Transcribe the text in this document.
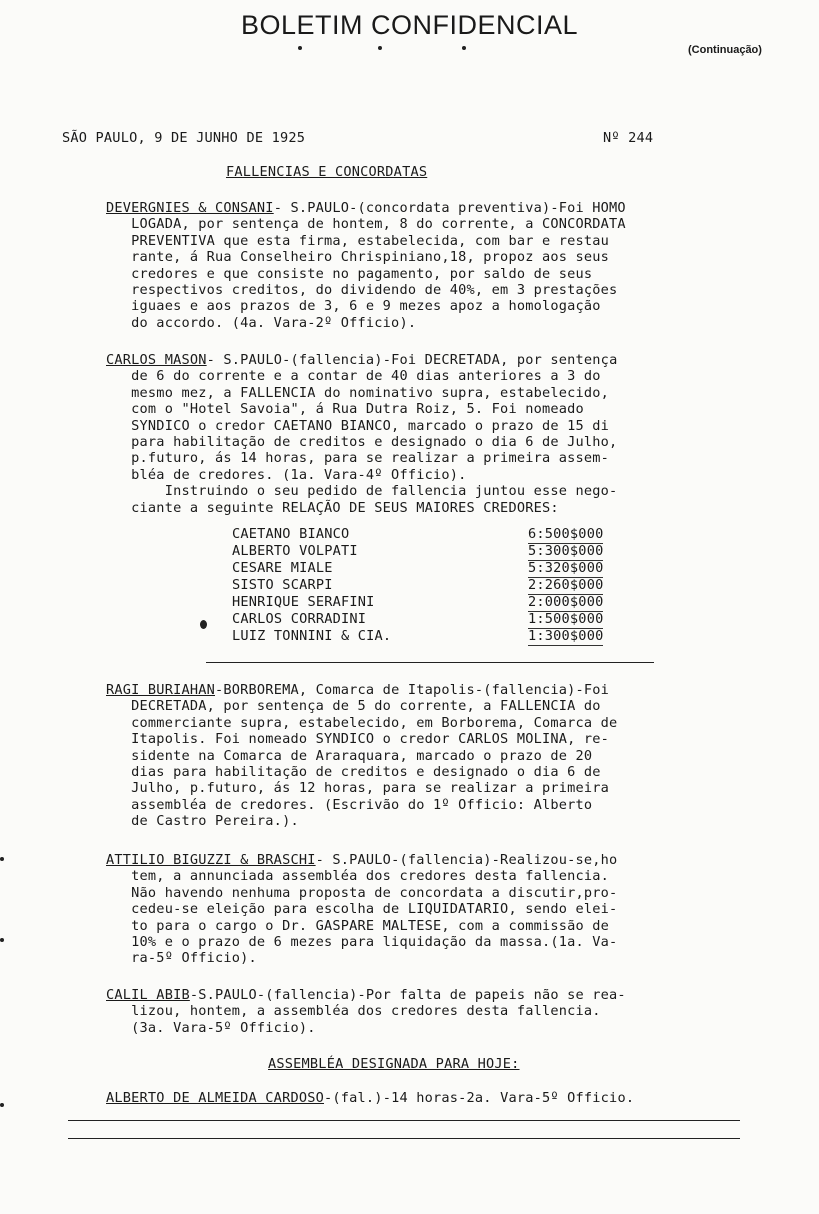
BOLETIM CONFIDENCIAL
(Continuação)
SÃO PAULO, 9 DE JUNHO DE 1925	Nº 244
FALLENCIAS E CONCORDATAS
DEVERGNIES & CONSANI- S.PAULO-(concordata preventiva)-Foi HOMO
LOGADA, por sentença de hontem, 8 do corrente, a CONCORDATA
PREVENTIVA que esta firma, estabelecida, com bar e restau
rante, á Rua Conselheiro Chrispiniano,18, propoz aos seus
credores e que consiste no pagamento, por saldo de seus
respectivos creditos, do dividendo de 40%, em 3 prestações
iguaes e aos prazos de 3, 6 e 9 mezes apoz a homologação
do accordo. (4a. Vara-2º Officio).
CARLOS MASON- S.PAULO-(fallencia)-Foi DECRETADA, por sentença
de 6 do corrente e a contar de 40 dias anteriores a 3 do
mesmo mez, a FALLENCIA do nominativo supra, estabelecido,
com o "Hotel Savoia", á Rua Dutra Roiz, 5. Foi nomeado
SYNDICO o credor CAETANO BIANCO, marcado o prazo de 15 di
para habilitação de creditos e designado o dia 6 de Julho,
p.futuro, ás 14 horas, para se realizar a primeira assem-
bléa de credores. (1a. Vara-4º Officio).
Instruindo o seu pedido de fallencia juntou esse nego-
ciante a seguinte RELAÇÃO DE SEUS MAIORES CREDORES:
CAETANO BIANCO	6:500$000
ALBERTO VOLPATI	5:300$000
CESARE MIALE	5:320$000
SISTO SCARPI	2:260$000
HENRIQUE SERAFINI	2:000$000
CARLOS CORRADINI	1:500$000
LUIZ TONNINI & CIA.	1:300$000
RAGI BURIAHAN-BORBOREMA, Comarca de Itapolis-(fallencia)-Foi
DECRETADA, por sentença de 5 do corrente, a FALLENCIA do
commerciante supra, estabelecido, em Borborema, Comarca de
Itapolis. Foi nomeado SYNDICO o credor CARLOS MOLINA, re-
sidente na Comarca de Araraquara, marcado o prazo de 20
dias para habilitação de creditos e designado o dia 6 de
Julho, p.futuro, ás 12 horas, para se realizar a primeira
assembléa de credores. (Escrivão do 1º Officio: Alberto
de Castro Pereira.).
ATTILIO BIGUZZI & BRASCHI- S.PAULO-(fallencia)-Realizou-se,ho
tem, a annunciada assembléa dos credores desta fallencia.
Não havendo nenhuma proposta de concordata a discutir,pro-
cedeu-se eleição para escolha de LIQUIDATARIO, sendo elei-
to para o cargo o Dr. GASPARE MALTESE, com a commissão de
10% e o prazo de 6 mezes para liquidação da massa.(1a. Va-
ra-5º Officio).
CALIL ABIB-S.PAULO-(fallencia)-Por falta de papeis não se rea-
lizou, hontem, a assembléa dos credores desta fallencia.
(3a. Vara-5º Officio).
ASSEMBLÉA DESIGNADA PARA HOJE:
ALBERTO DE ALMEIDA CARDOSO-(fal.)-14 horas-2a. Vara-5º Officio.
